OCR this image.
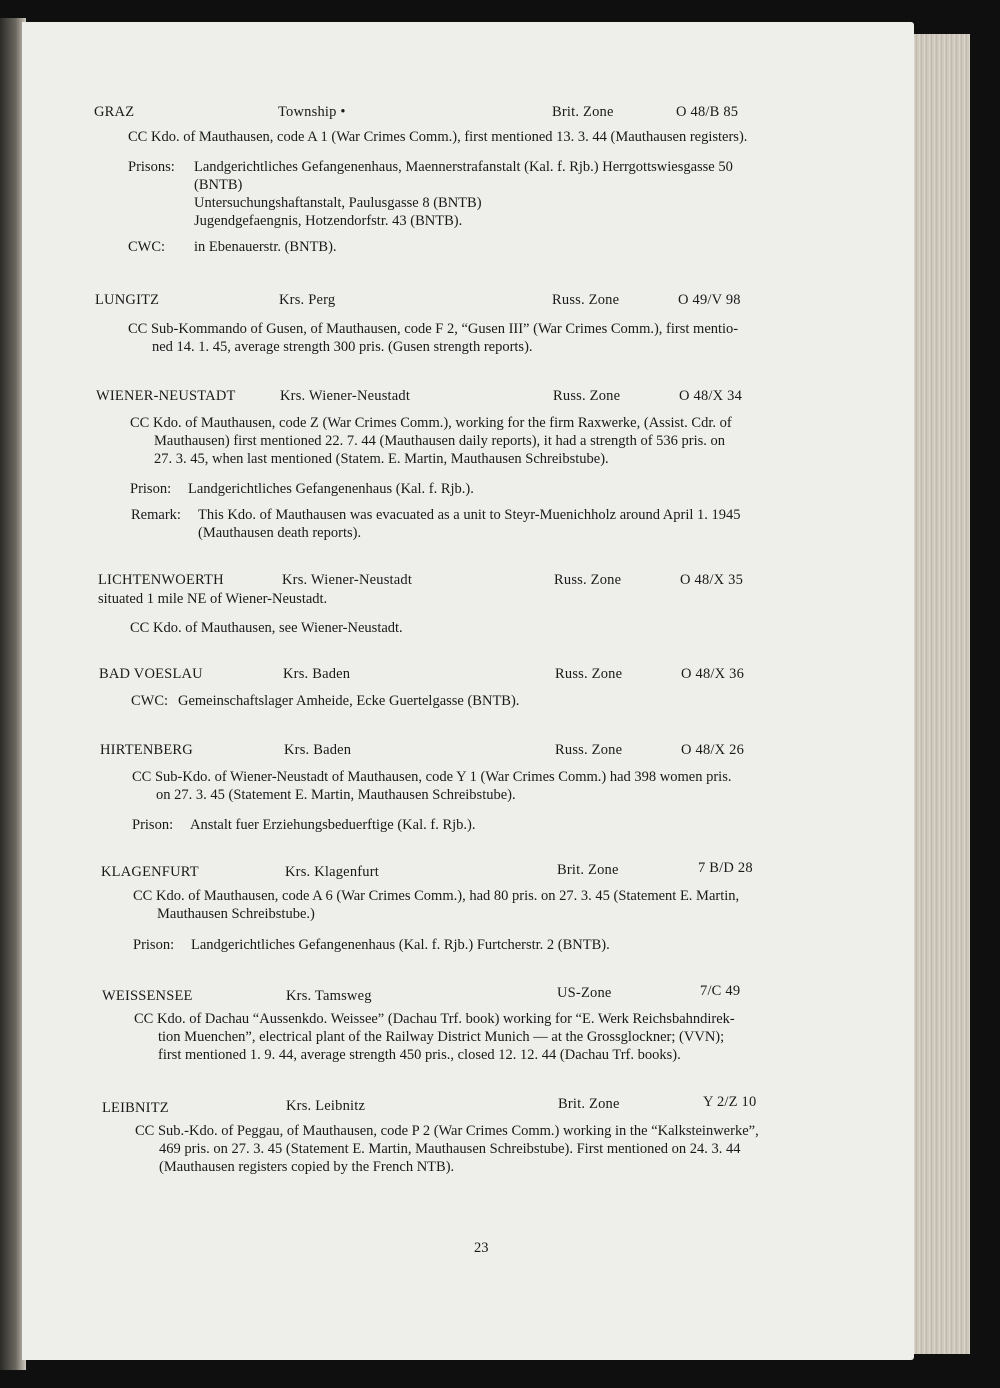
GRAZ	Township •	Brit. Zone	O 48/B 85
CC Kdo. of Mauthausen, code A 1 (War Crimes Comm.), first mentioned 13. 3. 44 (Mauthausen registers).
Prisons: Landgerichtliches Gefangenenhaus, Maennerstrafanstalt (Kal. f. Rjb.) Herrgottswiesgasse 50
(BNTB)
Untersuchungshaftanstalt, Paulusgasse 8 (BNTB)
Jugendgefaengnis, Hotzendorfstr. 43 (BNTB).
CWC: in Ebenauerstr. (BNTB).
LUNGITZ	Krs. Perg	Russ. Zone	O 49/V 98
CC Sub-Kommando of Gusen, of Mauthausen, code F 2, “Gusen III” (War Crimes Comm.), first mentio-
ned 14. 1. 45, average strength 300 pris. (Gusen strength reports).
WIENER-NEUSTADT	Krs. Wiener-Neustadt	Russ. Zone	O 48/X 34
CC Kdo. of Mauthausen, code Z (War Crimes Comm.), working for the firm Raxwerke, (Assist. Cdr. of
Mauthausen) first mentioned 22. 7. 44 (Mauthausen daily reports), it had a strength of 536 pris. on
27. 3. 45, when last mentioned (Statem. E. Martin, Mauthausen Schreibstube).
Prison: Landgerichtliches Gefangenenhaus (Kal. f. Rjb.).
Remark: This Kdo. of Mauthausen was evacuated as a unit to Steyr-Muenichholz around April 1. 1945
(Mauthausen death reports).
LICHTENWOERTH	Krs. Wiener-Neustadt	Russ. Zone	O 48/X 35
situated 1 mile NE of Wiener-Neustadt.
CC Kdo. of Mauthausen, see Wiener-Neustadt.
BAD VOESLAU	Krs. Baden	Russ. Zone	O 48/X 36
CWC: Gemeinschaftslager Amheide, Ecke Guertelgasse (BNTB).
HIRTENBERG	Krs. Baden	Russ. Zone	O 48/X 26
CC Sub-Kdo. of Wiener-Neustadt of Mauthausen, code Y 1 (War Crimes Comm.) had 398 women pris.
on 27. 3. 45 (Statement E. Martin, Mauthausen Schreibstube).
Prison: Anstalt fuer Erziehungsbeduerftige (Kal. f. Rjb.).
KLAGENFURT	Krs. Klagenfurt	Brit. Zone	7 B/D 28
CC Kdo. of Mauthausen, code A 6 (War Crimes Comm.), had 80 pris. on 27. 3. 45 (Statement E. Martin,
Mauthausen Schreibstube.)
Prison: Landgerichtliches Gefangenenhaus (Kal. f. Rjb.) Furtcherstr. 2 (BNTB).
WEISSENSEE	Krs. Tamsweg	US-Zone	7/C 49
CC Kdo. of Dachau “Aussenkdo. Weissee” (Dachau Trf. book) working for “E. Werk Reichsbahndirek-
tion Muenchen”, electrical plant of the Railway District Munich — at the Grossglockner; (VVN);
first mentioned 1. 9. 44, average strength 450 pris., closed 12. 12. 44 (Dachau Trf. books).
LEIBNITZ	Krs. Leibnitz	Brit. Zone	Y 2/Z 10
CC Sub.-Kdo. of Peggau, of Mauthausen, code P 2 (War Crimes Comm.) working in the “Kalksteinwerke”,
469 pris. on 27. 3. 45 (Statement E. Martin, Mauthausen Schreibstube). First mentioned on 24. 3. 44
(Mauthausen registers copied by the French NTB).
23
